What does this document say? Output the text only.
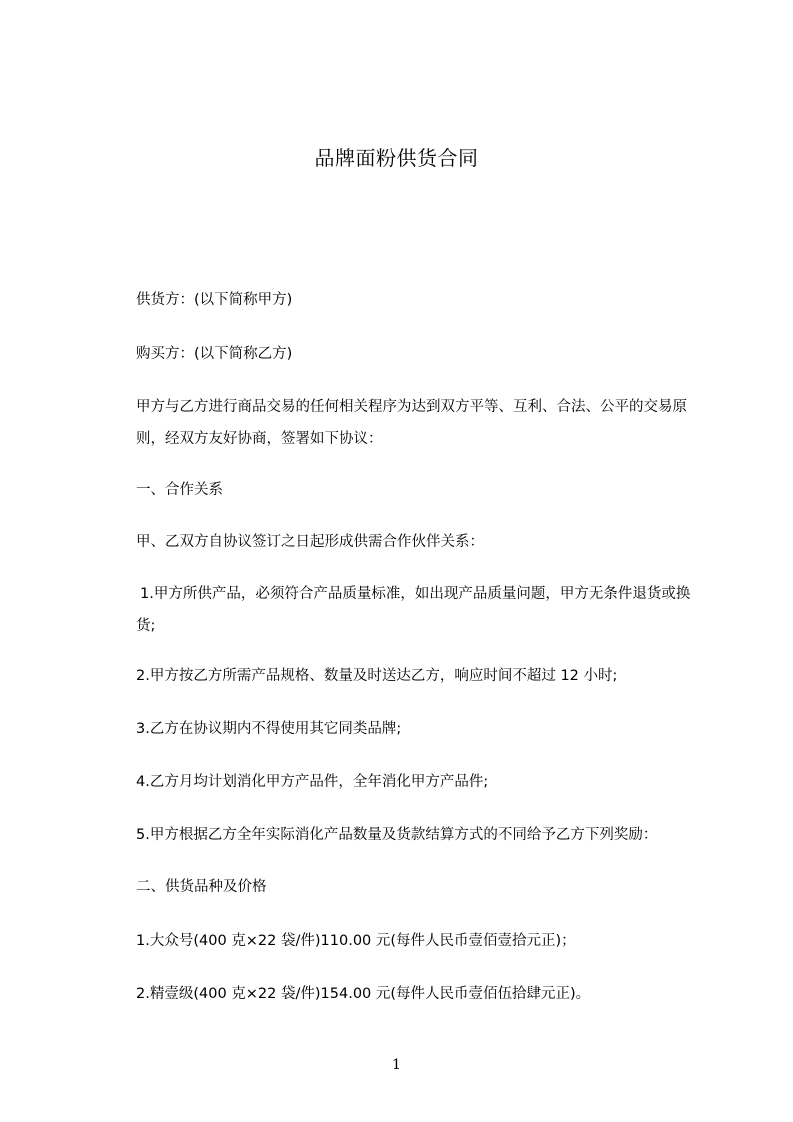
品牌面粉供货合同
供货方：(以下简称甲方)
购买方：(以下简称乙方)
甲方与乙方进行商品交易的任何相关程序为达到双方平等、互利、合法、公平的交易原则，经双方友好协商，签署如下协议：
一、合作关系
甲、乙双方自协议签订之日起形成供需合作伙伴关系：
1.甲方所供产品，必须符合产品质量标准，如出现产品质量问题，甲方无条件退货或换货;
2.甲方按乙方所需产品规格、数量及时送达乙方，响应时间不超过 12 小时;
3.乙方在协议期内不得使用其它同类品牌;
4.乙方月均计划消化甲方产品件，全年消化甲方产品件;
5.甲方根据乙方全年实际消化产品数量及货款结算方式的不同给予乙方下列奖励：
二、供货品种及价格
1.大众号(400 克×22 袋/件)110.00 元(每件人民币壹佰壹拾元正)；
2.精壹级(400 克×22 袋/件)154.00 元(每件人民币壹佰伍拾肆元正)。
1
